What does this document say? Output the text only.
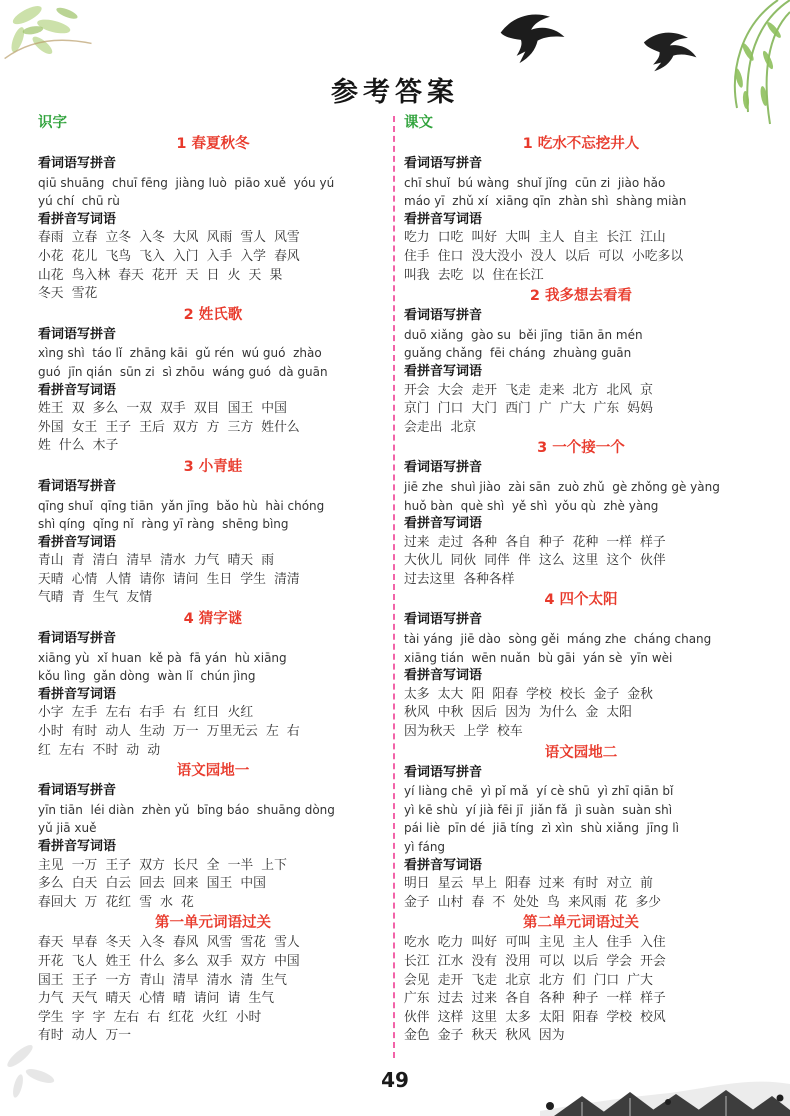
参考答案
识字
1 春夏秋冬
看词语写拼音
qiū shuāng  chuī fēng  jiàng luò  piāo xuě  yóu yú
yú chí  chū rù
看拼音写词语
春雨  立春  立冬  入冬  大风  风雨  雪人  风雪
小花  花儿  飞鸟  飞入  入门  入手  入学  春风
山花  鸟入林  春天  花开  天  日  火  天  果
冬天  雪花
2 姓氏歌
看词语写拼音
xìng shì  táo lǐ  zhāng kāi  gǔ rén  wú guó  zhào
guó  jīn qián  sūn zi  sì zhōu  wáng guó  dà guān
看拼音写词语
姓王  双  多么  一双  双手  双目  国王  中国
外国  女王  王子  王后  双方  方  三方  姓什么
姓  什么  木子
3 小青蛙
看词语写拼音
qīng shuǐ  qīng tiān  yǎn jīng  bǎo hù  hài chóng
shì qíng  qǐng nǐ  ràng yī ràng  shēng bìng
看拼音写词语
青山  青  清白  清早  清水  力气  晴天  雨
天晴  心情  人情  请你  请问  生日  学生  清清
气晴  青  生气  友情
4 猜字谜
看词语写拼音
xiāng yù  xǐ huan  kě pà  fā yán  hù xiāng
kǒu lìng  gǎn dòng  wàn lǐ  chún jìng
看拼音写词语
小字  左手  左右  右手  右  红日  火红
小时  有时  动人  生动  万一  万里无云  左  右
红  左右  不时  动  动
语文园地一
看词语写拼音
yīn tiān  léi diàn  zhèn yǔ  bīng báo  shuāng dòng
yǔ jiā xuě
看拼音写词语
主见  一万  王子  双方  长尺  全  一半  上下
多么  白天  白云  回去  回来  国王  中国
春回大  万  花红  雪  水  花
第一单元词语过关
春天  早春  冬天  入冬  春风  风雪  雪花  雪人
开花  飞人  姓王  什么  多么  双手  双方  中国
国王  王子  一方  青山  清早  清水  清  生气
力气  天气  晴天  心情  晴  请问  请  生气
学生  字  字  左右  右  红花  火红  小时
有时  动人  万一
课文
1 吃水不忘挖井人
看词语写拼音
chī shuǐ  bú wàng  shuǐ jǐng  cūn zi  jiào hǎo
máo yī  zhǔ xí  xiāng qīn  zhàn shì  shàng miàn
看拼音写词语
吃力  口吃  叫好  大叫  主人  自主  长江  江山
住手  住口  没大没小  没人  以后  可以  小吃多以
叫我  去吃  以  住在长江
2 我多想去看看
看词语写拼音
duō xiǎng  gào su  běi jīng  tiān ān mén
guǎng chǎng  fēi cháng  zhuàng guān
看拼音写词语
开会  大会  走开  飞走  走来  北方  北风  京
京门  门口  大门  西门  广  广大  广东  妈妈
会走出  北京
3 一个接一个
看词语写拼音
jiē zhe  shuì jiào  zài sān  zuò zhǔ  gè zhǒng gè yàng
huǒ bàn  què shì  yě shì  yǒu qù  zhè yàng
看拼音写词语
过来  走过  各种  各自  种子  花种  一样  样子
大伙儿  同伙  同伴  伴  这么  这里  这个  伙伴
过去这里  各种各样
4 四个太阳
看词语写拼音
tài yáng  jiē dào  sòng gěi  máng zhe  cháng chang
xiāng tián  wēn nuǎn  bù gāi  yán sè  yīn wèi
看拼音写词语
太多  太大  阳  阳春  学校  校长  金子  金秋
秋风  中秋  因后  因为  为什么  金  太阳
因为秋天  上学  校车
语文园地二
看词语写拼音
yí liàng chē  yì pǐ mǎ  yí cè shū  yì zhī qiān bǐ
yì kē shù  yí jià fēi jī  jiǎn fǎ  jì suàn  suàn shì
pái liè  pīn dé  jiā tíng  zì xìn  shù xiǎng  jīng lì
yì fáng
看拼音写词语
明日  星云  早上  阳春  过来  有时  对立  前
金子  山村  春  不  处处  鸟  来风雨  花  多少
第二单元词语过关
吃水  吃力  叫好  可叫  主见  主人  住手  入住
长江  江水  没有  没用  可以  以后  学会  开会
会见  走开  飞走  北京  北方  们  门口  广大
广东  过去  过来  各自  各种  种子  一样  样子
伙伴  这样  这里  太多  太阳  阳春  学校  校风
金色  金子  秋天  秋风  因为
49
